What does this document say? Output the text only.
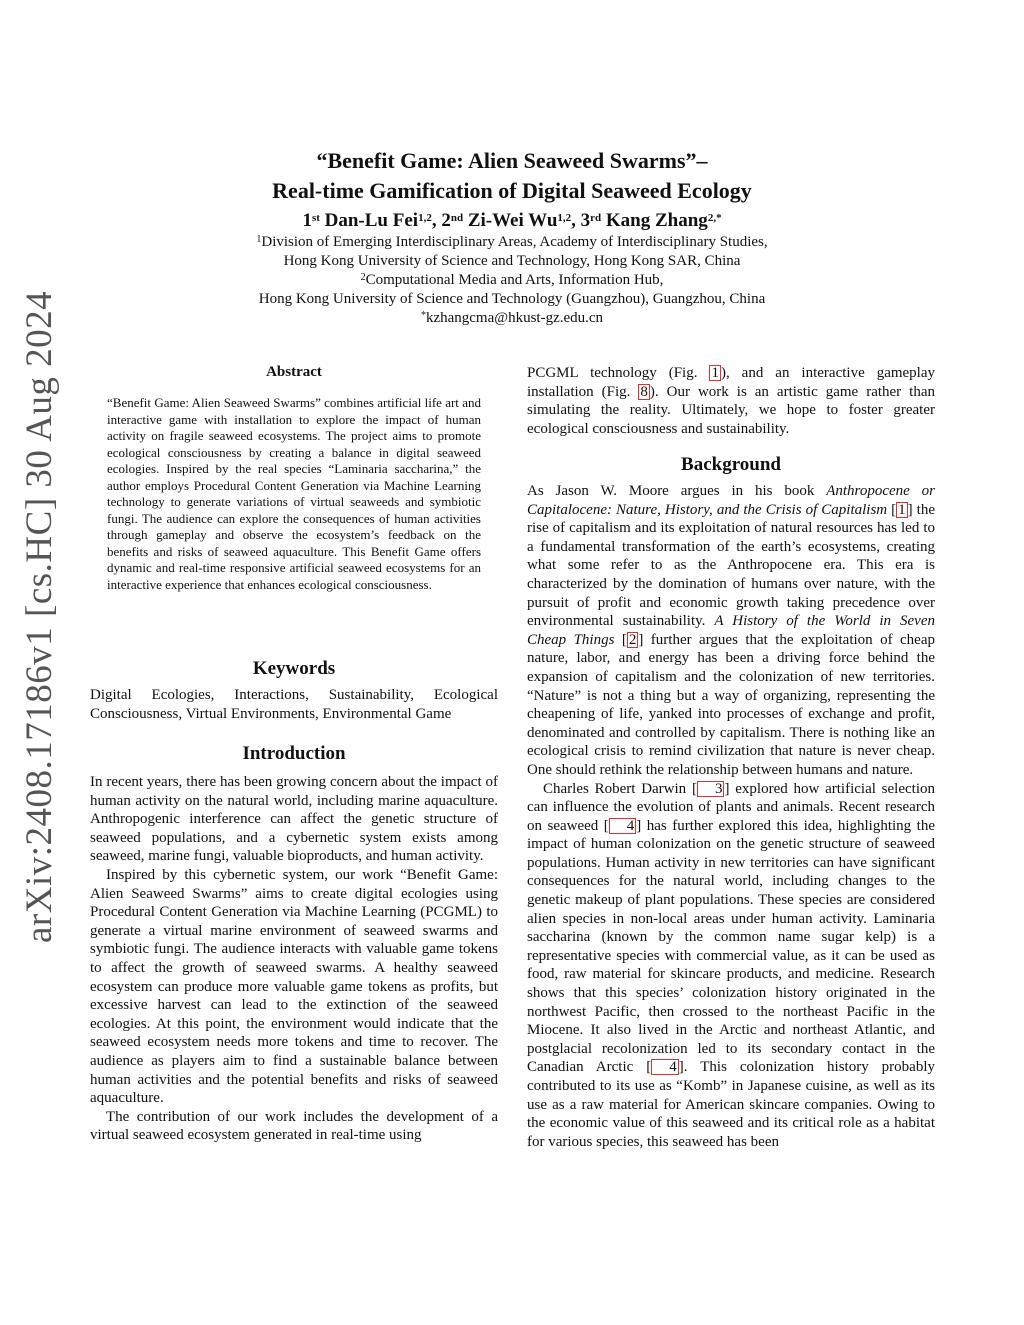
“Benefit Game: Alien Seaweed Swarms”–
Real-time Gamification of Digital Seaweed Ecology
1st Dan-Lu Fei$^{1,2}$, 2nd Zi-Wei Wu$^{1,2}$, 3rd Kang Zhang$^{2,*}$
$^1$Division of Emerging Interdisciplinary Areas, Academy of Interdisciplinary Studies,
Hong Kong University of Science and Technology, Hong Kong SAR, China
$^2$Computational Media and Arts, Information Hub,
Hong Kong University of Science and Technology (Guangzhou), Guangzhou, China
*kzhangcma@hkust-gz.edu.cn
arXiv:2408.17186v1 [cs.HC] 30 Aug 2024	Abstract
“Benefit Game: Alien Seaweed Swarms” combines artificial life art and interactive game with installation to explore the impact of human activity on fragile seaweed ecosystems. The project aims to promote ecological consciousness by creating a balance in digital seaweed ecologies. Inspired by the real species “Laminaria saccharina,” the author employs Procedural Content Generation via Machine Learning technology to generate variations of virtual seaweeds and symbiotic fungi. The audience can explore the consequences of human activities through gameplay and observe the ecosystem’s feedback on the benefits and risks of seaweed aquaculture. This Benefit Game offers dynamic and real-time responsive artificial seaweed ecosystems for an interactive experience that enhances ecological consciousness.
Keywords

Digital Ecologies, Interactions, Sustainability, Ecological Consciousness, Virtual Environments, Environmental Game

Introduction

In recent years, there has been growing concern about the impact of human activity on the natural world, including marine aquaculture. Anthropogenic interference can affect the genetic structure of seaweed populations, and a cybernetic system exists among seaweed, marine fungi, valuable bioproducts, and human activity.

Inspired by this cybernetic system, our work “Benefit Game: Alien Seaweed Swarms” aims to create digital ecologies using Procedural Content Generation via Machine Learning (PCGML) to generate a virtual marine environment of seaweed swarms and symbiotic fungi. The audience interacts with valuable game tokens to affect the growth of seaweed swarms. A healthy seaweed ecosystem can produce more valuable game tokens as profits, but excessive harvest can lead to the extinction of the seaweed ecologies. At this point, the environment would indicate that the seaweed ecosystem needs more tokens and time to recover. The audience as players aim to find a sustainable balance between human activities and the potential benefits and risks of seaweed aquaculture.

The contribution of our work includes the development of a virtual seaweed ecosystem generated in real-time using

PCGML technology (Fig. 1 ), and an interactive gameplay installation (Fig. 8 ). Our work is an artistic game rather than simulating the reality. Ultimately, we hope to foster greater ecological consciousness and sustainability.

Background

As Jason W. Moore argues in his book Anthropocene or Capitalocene: Nature, History, and the Crisis of Capitalism [ 1 ] the rise of capitalism and its exploitation of natural resources has led to a fundamental transformation of the earth’s ecosystems, creating what some refer to as the Anthropocene era. This era is characterized by the domination of humans over nature, with the pursuit of profit and economic growth taking precedence over environmental sustainability. A History of the World in Seven Cheap Things [ 2 ] further argues that the exploitation of cheap nature, labor, and energy has been a driving force behind the expansion of capitalism and the colonization of new territories. “Nature” is not a thing but a way of organizing, representing the cheapening of life, yanked into processes of exchange and profit, denominated and controlled by capitalism. There is nothing like an ecological crisis to remind civilization that nature is never cheap. One should rethink the relationship between humans and nature.

Charles Robert Darwin [ 3 ] explored how artificial selection can influence the evolution of plants and animals. Recent research on seaweed [ 4 ] has further explored this idea, highlighting the impact of human colonization on the genetic structure of seaweed populations. Human activity in new territories can have significant consequences for the natural world, including changes to the genetic makeup of plant populations. These species are considered alien species in non-local areas under human activity. Laminaria saccharina (known by the common name sugar kelp) is a representative species with commercial value, as it can be used as food, raw material for skincare products, and medicine. Research shows that this species’ colonization history originated in the northwest Pacific, then crossed to the northeast Pacific in the Miocene. It also lived in the Arctic and northeast Atlantic, and postglacial recolonization led to its secondary contact in the Canadian Arctic [ 4 ]. This colonization history probably contributed to its use as “Komb” in Japanese cuisine, as well as its use as a raw material for American skincare companies. Owing to the economic value of this seaweed and its critical role as a habitat for various species, this seaweed has been
